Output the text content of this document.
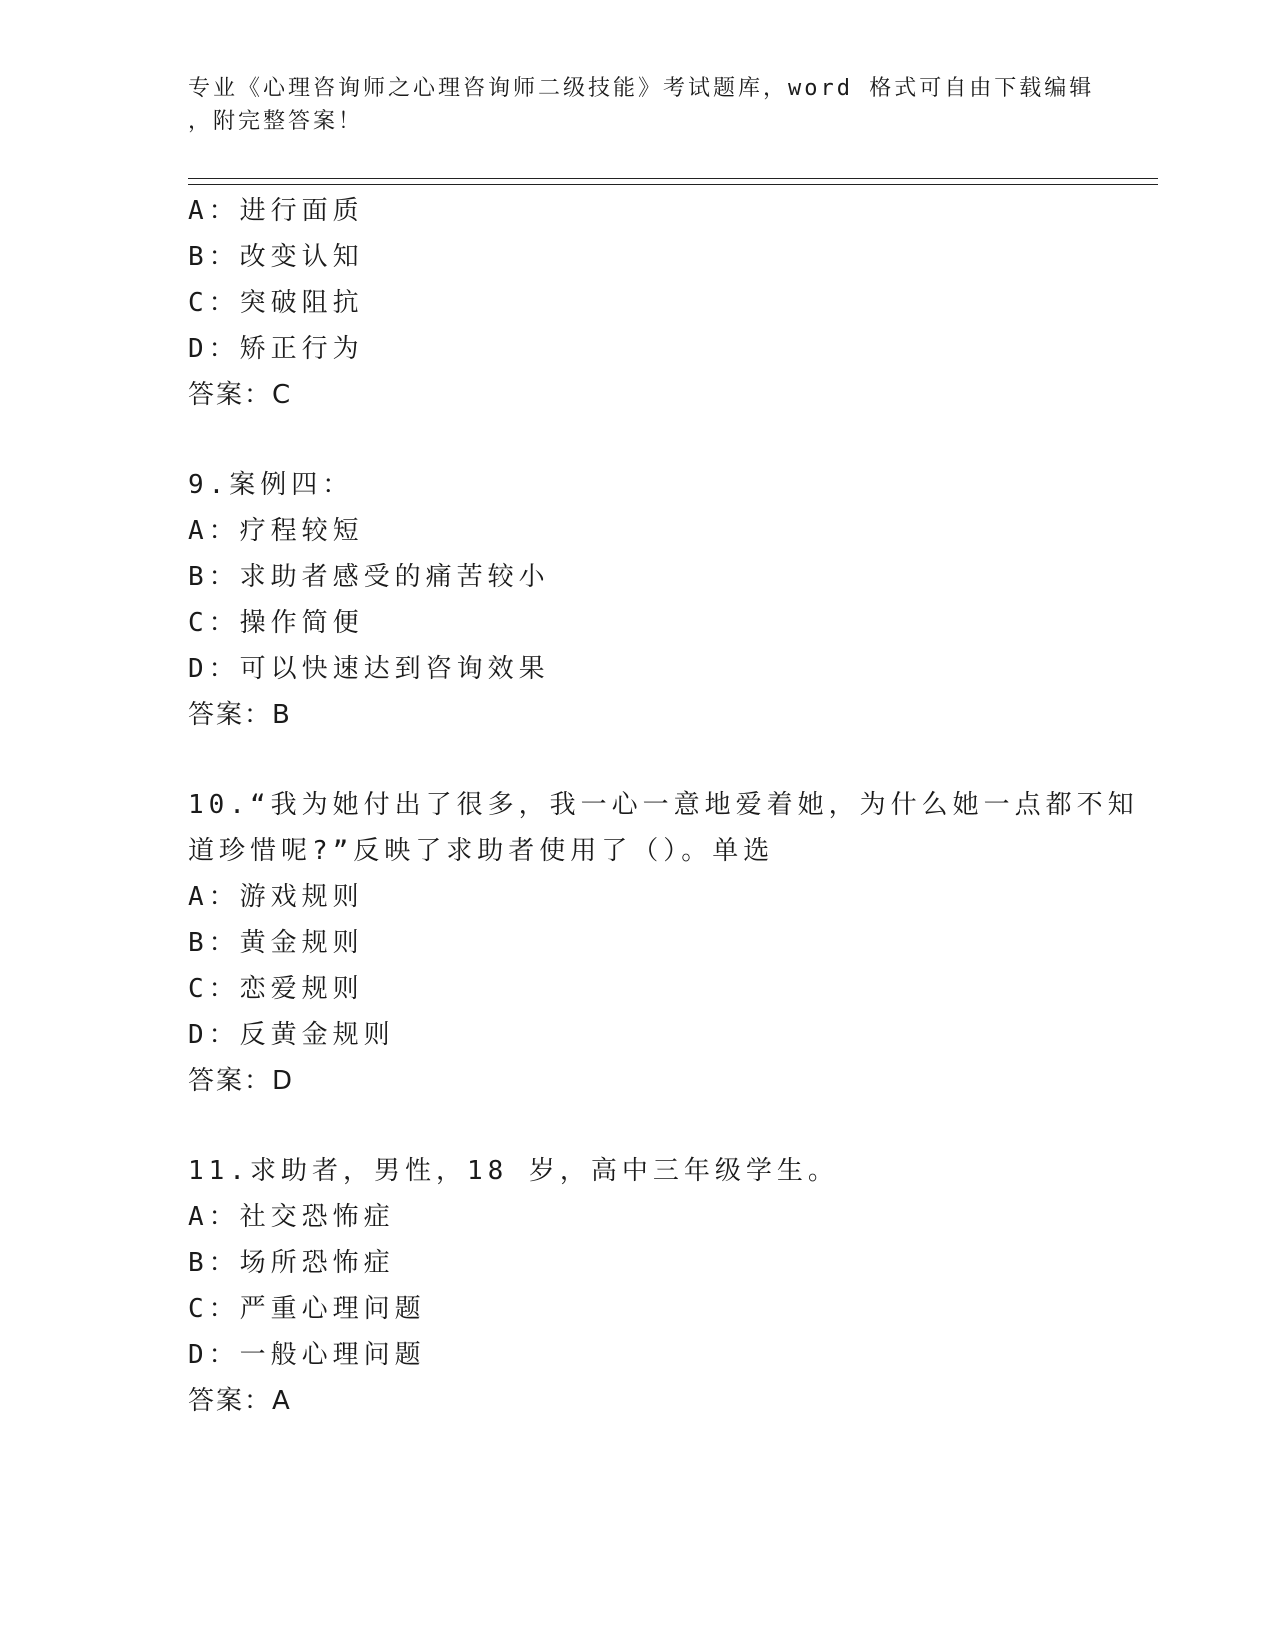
专业《心理咨询师之心理咨询师二级技能》考试题库，word 格式可自由下载编辑
，附完整答案！
A：进行面质
B：改变认知
C：突破阻抗
D：矫正行为
答案：C
9.案例四：
A：疗程较短
B：求助者感受的痛苦较小
C：操作简便
D：可以快速达到咨询效果
答案：B
10.“我为她付出了很多，我一心一意地爱着她，为什么她一点都不知
道珍惜呢?”反映了求助者使用了（）。单选
A：游戏规则
B：黄金规则
C：恋爱规则
D：反黄金规则
答案：D
11.求助者，男性，18 岁，高中三年级学生。
A：社交恐怖症
B：场所恐怖症
C：严重心理问题
D：一般心理问题
答案：A
